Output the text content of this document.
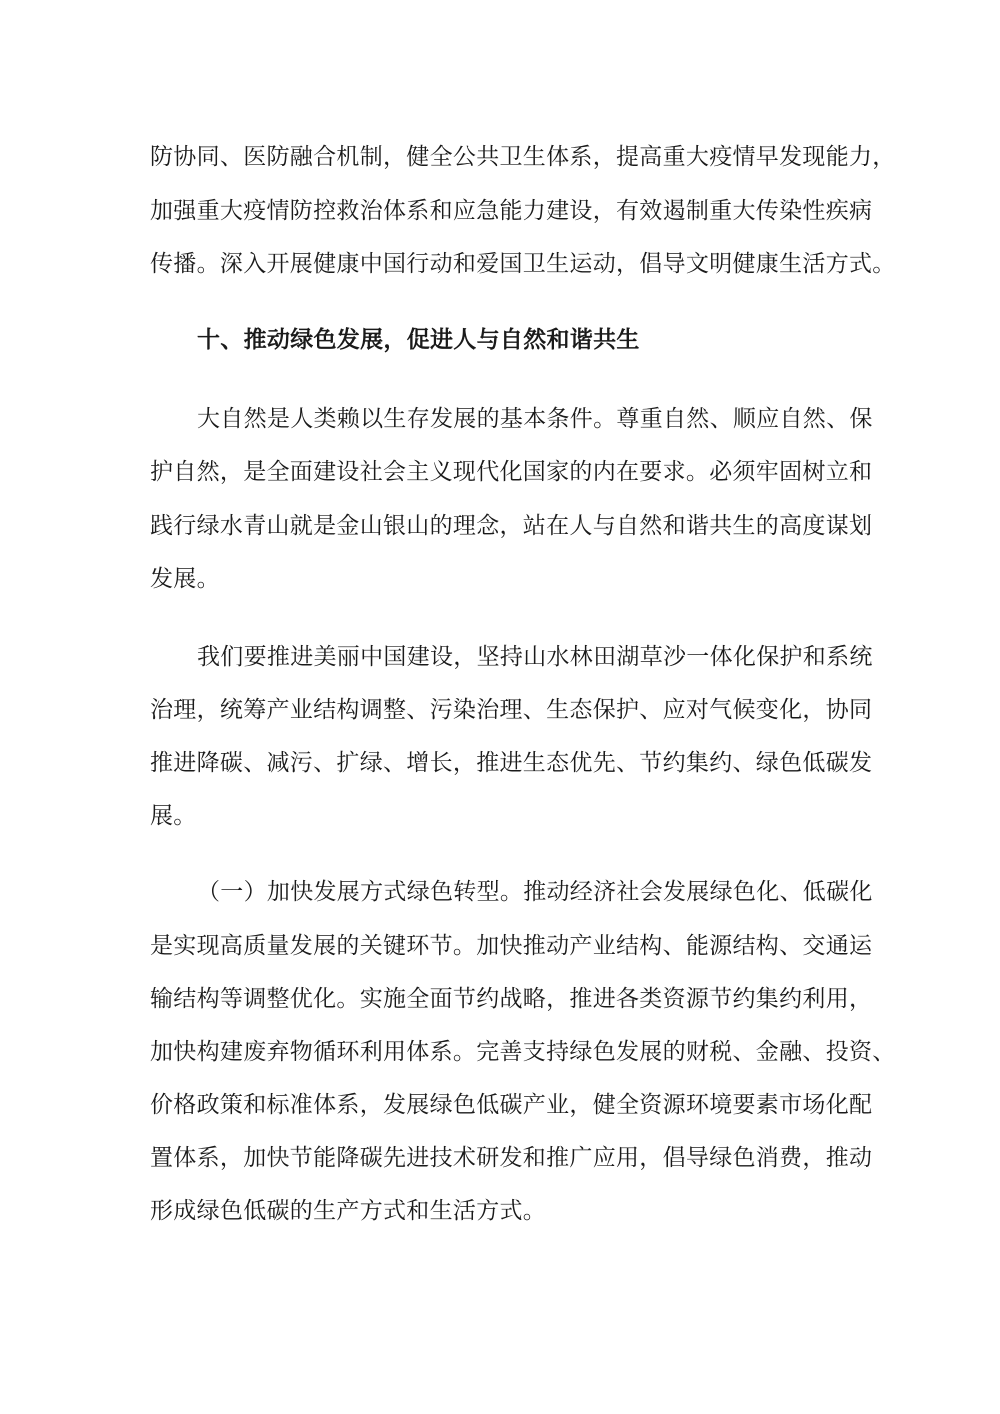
防协同、医防融合机制，健全公共卫生体系，提高重大疫情早发现能力，
加强重大疫情防控救治体系和应急能力建设，有效遏制重大传染性疾病
传播。深入开展健康中国行动和爱国卫生运动，倡导文明健康生活方式。
十、推动绿色发展，促进人与自然和谐共生
大自然是人类赖以生存发展的基本条件。尊重自然、顺应自然、保
护自然，是全面建设社会主义现代化国家的内在要求。必须牢固树立和
践行绿水青山就是金山银山的理念，站在人与自然和谐共生的高度谋划
发展。
我们要推进美丽中国建设，坚持山水林田湖草沙一体化保护和系统
治理，统筹产业结构调整、污染治理、生态保护、应对气候变化，协同
推进降碳、减污、扩绿、增长，推进生态优先、节约集约、绿色低碳发
展。
（一）加快发展方式绿色转型。推动经济社会发展绿色化、低碳化
是实现高质量发展的关键环节。加快推动产业结构、能源结构、交通运
输结构等调整优化。实施全面节约战略，推进各类资源节约集约利用，
加快构建废弃物循环利用体系。完善支持绿色发展的财税、金融、投资、
价格政策和标准体系，发展绿色低碳产业，健全资源环境要素市场化配
置体系，加快节能降碳先进技术研发和推广应用，倡导绿色消费，推动
形成绿色低碳的生产方式和生活方式。
